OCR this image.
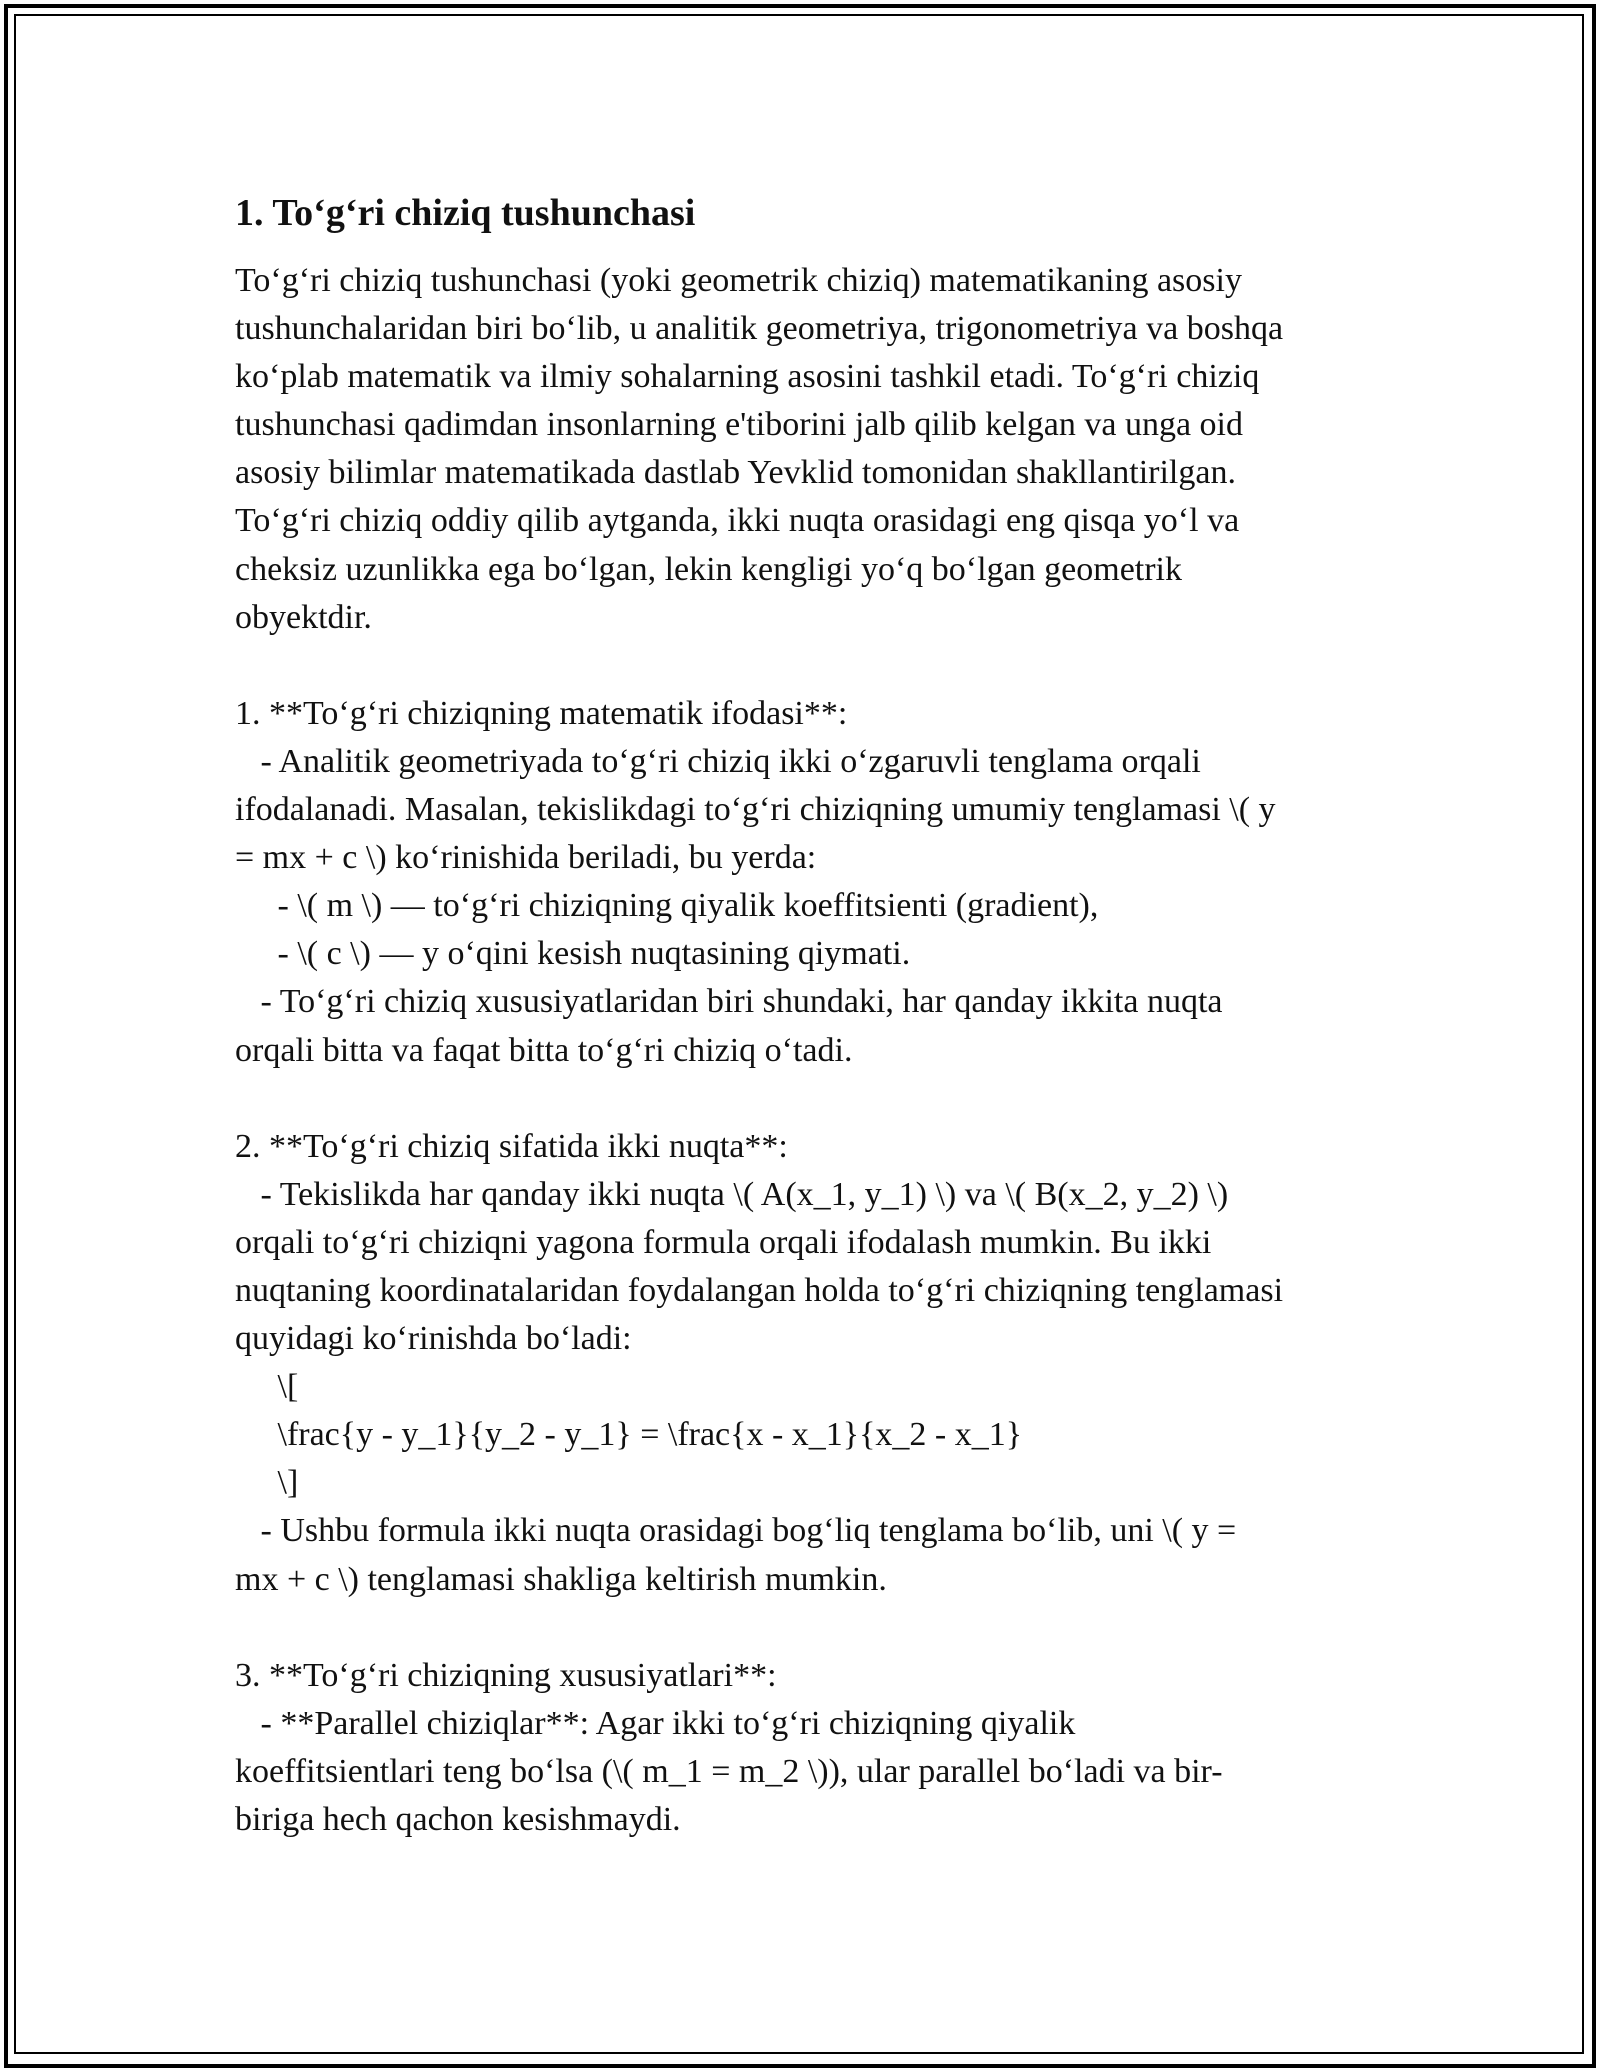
1. To‘g‘ri chiziq tushunchasi
To‘g‘ri chiziq tushunchasi (yoki geometrik chiziq) matematikaning asosiy
tushunchalaridan biri bo‘lib, u analitik geometriya, trigonometriya va boshqa
ko‘plab matematik va ilmiy sohalarning asosini tashkil etadi. To‘g‘ri chiziq
tushunchasi qadimdan insonlarning e'tiborini jalb qilib kelgan va unga oid
asosiy bilimlar matematikada dastlab Yevklid tomonidan shakllantirilgan.
To‘g‘ri chiziq oddiy qilib aytganda, ikki nuqta orasidagi eng qisqa yo‘l va
cheksiz uzunlikka ega bo‘lgan, lekin kengligi yo‘q bo‘lgan geometrik
obyektdir.
1. **To‘g‘ri chiziqning matematik ifodasi**:
- Analitik geometriyada to‘g‘ri chiziq ikki o‘zgaruvli tenglama orqali
ifodalanadi. Masalan, tekislikdagi to‘g‘ri chiziqning umumiy tenglamasi \( y
= mx + c \) ko‘rinishida beriladi, bu yerda:
- \( m \) — to‘g‘ri chiziqning qiyalik koeffitsienti (gradient),
- \( c \) — y o‘qini kesish nuqtasining qiymati.
- To‘g‘ri chiziq xususiyatlaridan biri shundaki, har qanday ikkita nuqta
orqali bitta va faqat bitta to‘g‘ri chiziq o‘tadi.
2. **To‘g‘ri chiziq sifatida ikki nuqta**:
- Tekislikda har qanday ikki nuqta \( A(x_1, y_1) \) va \( B(x_2, y_2) \)
orqali to‘g‘ri chiziqni yagona formula orqali ifodalash mumkin. Bu ikki
nuqtaning koordinatalaridan foydalangan holda to‘g‘ri chiziqning tenglamasi
quyidagi ko‘rinishda bo‘ladi:
\[
\frac{y - y_1}{y_2 - y_1} = \frac{x - x_1}{x_2 - x_1}
\]
- Ushbu formula ikki nuqta orasidagi bog‘liq tenglama bo‘lib, uni \( y =
mx + c \) tenglamasi shakliga keltirish mumkin.
3. **To‘g‘ri chiziqning xususiyatlari**:
- **Parallel chiziqlar**: Agar ikki to‘g‘ri chiziqning qiyalik
koeffitsientlari teng bo‘lsa (\( m_1 = m_2 \)), ular parallel bo‘ladi va bir-
biriga hech qachon kesishmaydi.
